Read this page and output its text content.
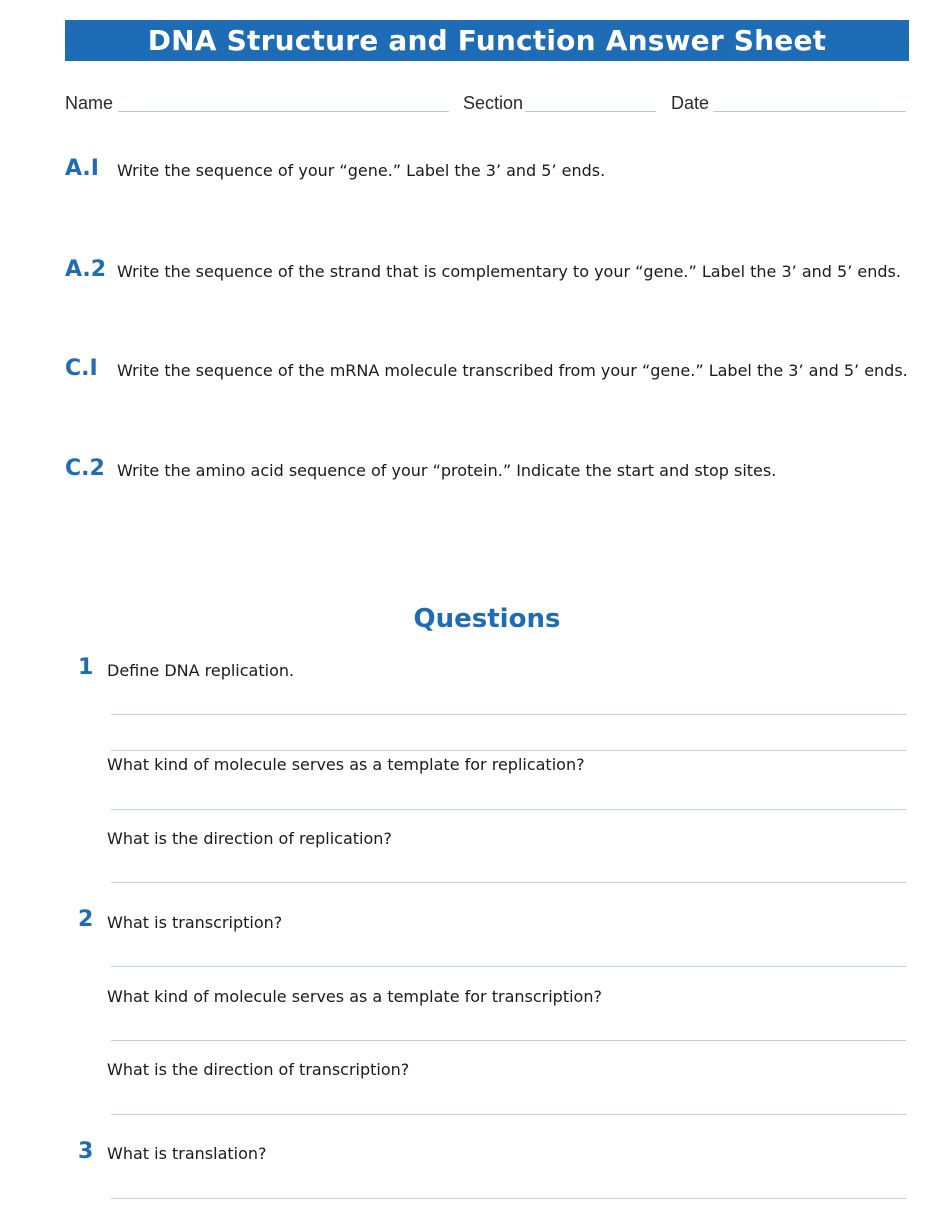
DNA Structure and Function Answer Sheet
Name	Section	Date
A.I Write the sequence of your “gene.” Label the 3’ and 5’ ends.
A.2 Write the sequence of the strand that is complementary to your “gene.” Label the 3’ and 5’ ends.
C.I Write the sequence of the mRNA molecule transcribed from your “gene.” Label the 3’ and 5’ ends.
C.2 Write the amino acid sequence of your “protein.” Indicate the start and stop sites.
Questions
1 Define DNA replication.
What kind of molecule serves as a template for replication?
What is the direction of replication?
2 What is transcription?
What kind of molecule serves as a template for transcription?
What is the direction of transcription?
3 What is translation?
